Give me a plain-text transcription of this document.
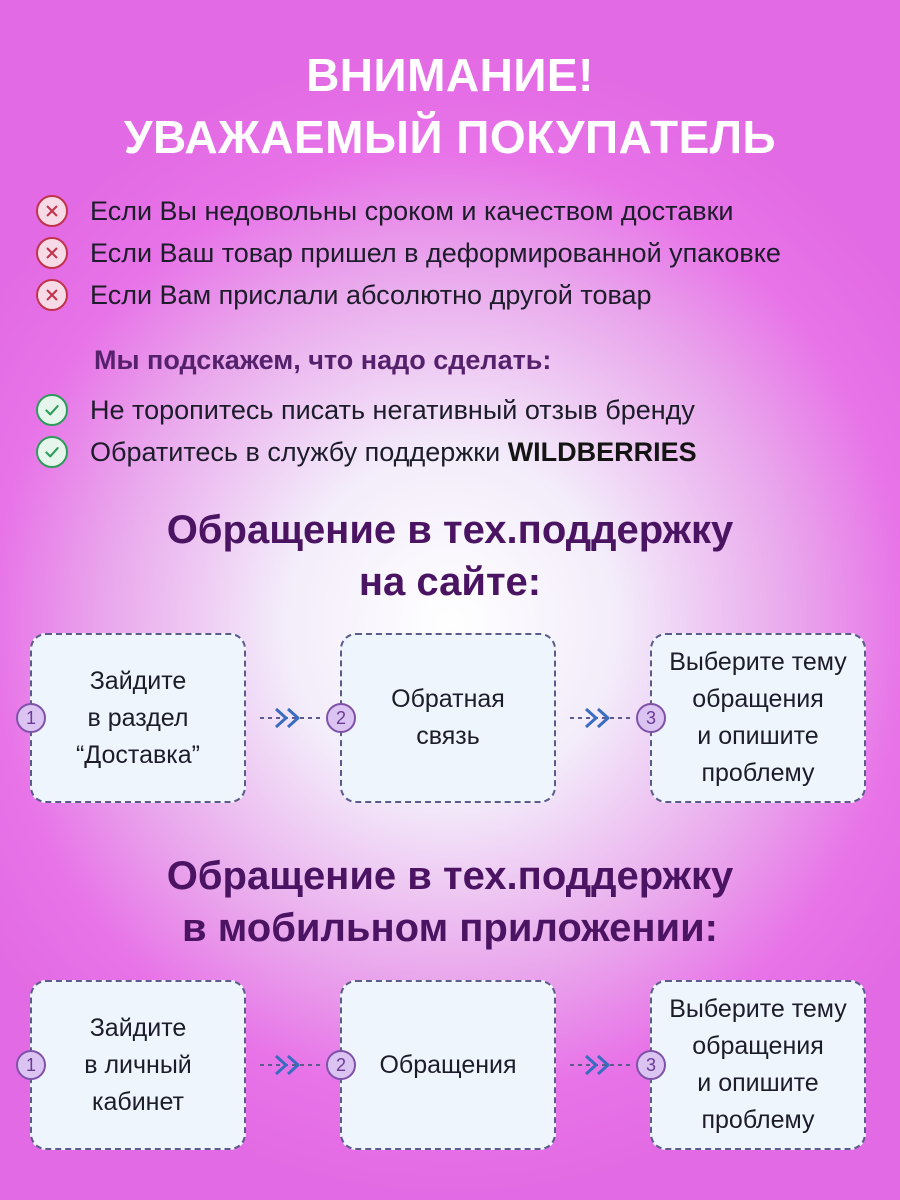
ВНИМАНИЕ!
УВАЖАЕМЫЙ ПОКУПАТЕЛЬ
Если Вы недовольны сроком и качеством доставки
Если Ваш товар пришел в деформированной упаковке
Если Вам прислали абсолютно другой товар
Мы подскажем, что надо сделать:
Не торопитесь писать негативный отзыв бренду
Обратитесь в службу поддержки WILDBERRIES
Обращение в тех.поддержку
на сайте:
Зайдите
в раздел
“Доставка”
Обратная
связь
Выберите тему
обращения
и опишите
проблему
1	2	3
Обращение в тех.поддержку
в мобильном приложении:
Зайдите
в личный
кабинет
Обращения
Выберите тему
обращения
и опишите
проблему
1	2	3
